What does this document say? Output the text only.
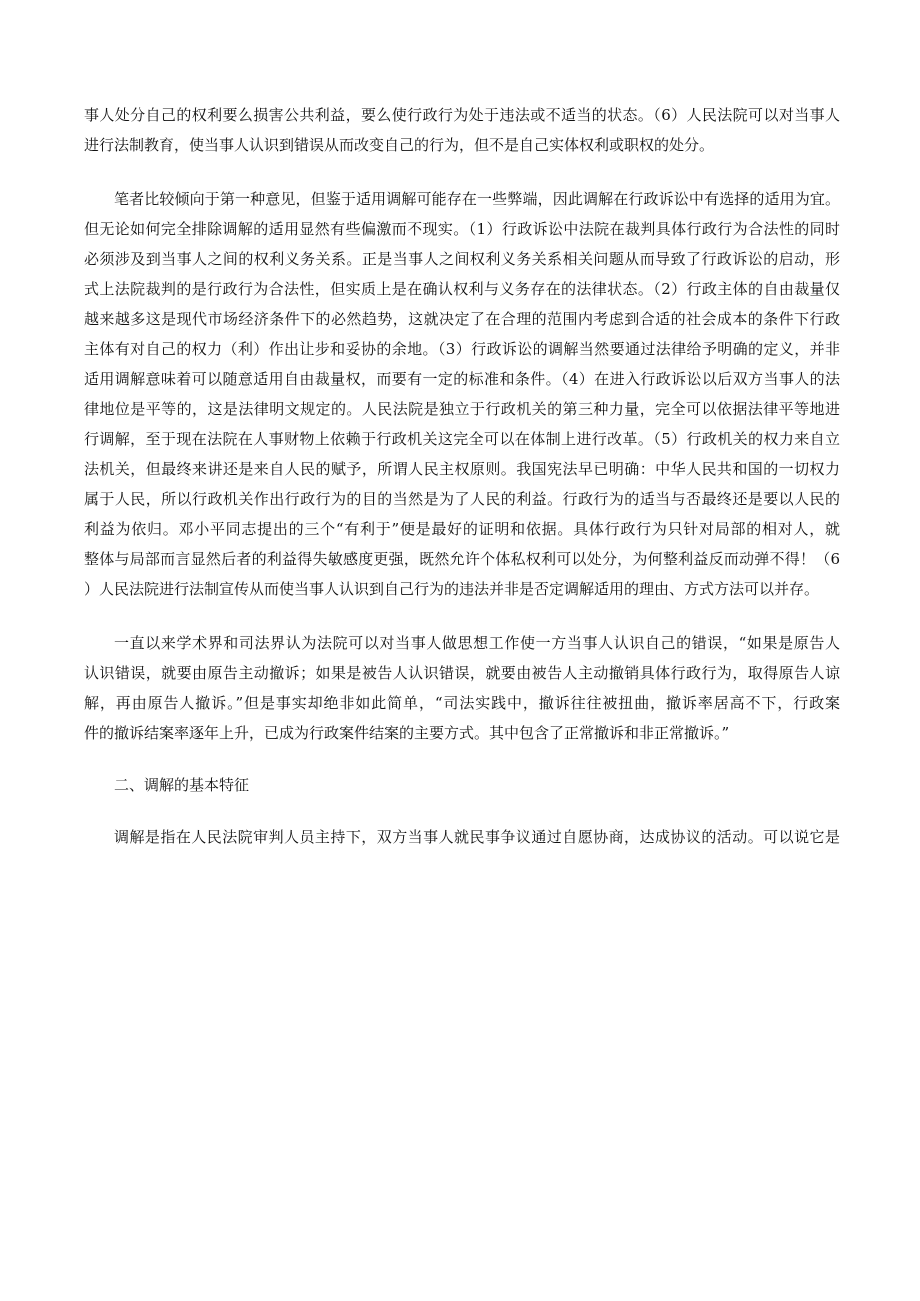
事人处分自己的权利要么损害公共利益，要么使行政行为处于违法或不适当的状态。（6）人民法院可以对当事人
进行法制教育，使当事人认识到错误从而改变自己的行为，但不是自己实体权利或职权的处分。
笔者比较倾向于第一种意见，但鉴于适用调解可能存在一些弊端，因此调解在行政诉讼中有选择的适用为宜。
但无论如何完全排除调解的适用显然有些偏激而不现实。（1）行政诉讼中法院在裁判具体行政行为合法性的同时
必须涉及到当事人之间的权利义务关系。正是当事人之间权利义务关系相关问题从而导致了行政诉讼的启动，形
式上法院裁判的是行政行为合法性，但实质上是在确认权利与义务存在的法律状态。（2）行政主体的自由裁量仅
越来越多这是现代市场经济条件下的必然趋势，这就决定了在合理的范围内考虑到合适的社会成本的条件下行政
主体有对自己的权力（利）作出让步和妥协的余地。（3）行政诉讼的调解当然要通过法律给予明确的定义，并非
适用调解意味着可以随意适用自由裁量权，而要有一定的标准和条件。（4）在进入行政诉讼以后双方当事人的法
律地位是平等的，这是法律明文规定的。人民法院是独立于行政机关的第三种力量，完全可以依据法律平等地进
行调解，至于现在法院在人事财物上依赖于行政机关这完全可以在体制上进行改革。（5）行政机关的权力来自立
法机关，但最终来讲还是来自人民的赋予，所谓人民主权原则。我国宪法早已明确：中华人民共和国的一切权力
属于人民，所以行政机关作出行政行为的目的当然是为了人民的利益。行政行为的适当与否最终还是要以人民的
利益为依归。邓小平同志提出的三个“有利于”便是最好的证明和依据。具体行政行为只针对局部的相对人，就
整体与局部而言显然后者的利益得失敏感度更强，既然允许个体私权利可以处分，为何整利益反而动弹不得！（6
）人民法院进行法制宣传从而使当事人认识到自己行为的违法并非是否定调解适用的理由、方式方法可以并存。
一直以来学术界和司法界认为法院可以对当事人做思想工作使一方当事人认识自己的错误，“如果是原告人
认识错误，就要由原告主动撤诉；如果是被告人认识错误，就要由被告人主动撤销具体行政行为，取得原告人谅
解，再由原告人撤诉。”但是事实却绝非如此简单，“司法实践中，撤诉往往被扭曲，撤诉率居高不下，行政案
件的撤诉结案率逐年上升，已成为行政案件结案的主要方式。其中包含了正常撤诉和非正常撤诉。”
二、调解的基本特征
调解是指在人民法院审判人员主持下，双方当事人就民事争议通过自愿协商，达成协议的活动。可以说它是
